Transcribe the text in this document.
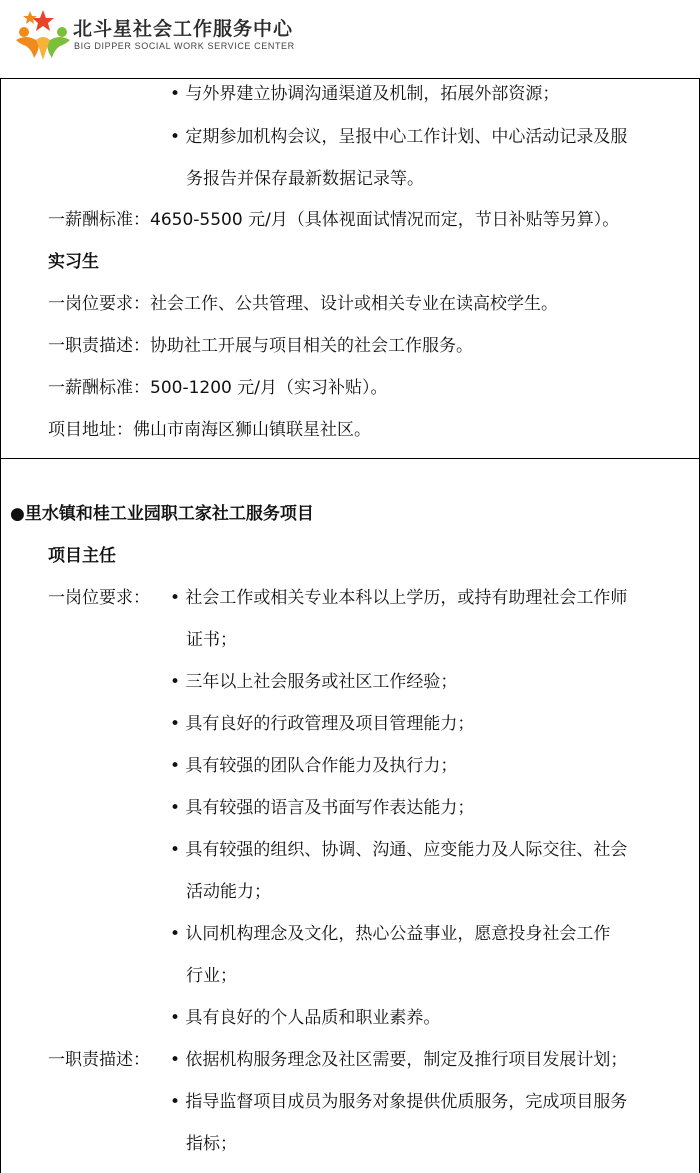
北斗星社会工作服务中心
BIG DIPPER SOCIAL WORK SERVICE CENTER
• 与外界建立协调沟通渠道及机制，拓展外部资源；
• 定期参加机构会议，呈报中心工作计划、中心活动记录及服
务报告并保存最新数据记录等。
一薪酬标准：4650-5500 元/月（具体视面试情况而定，节日补贴等另算）。
实习生
一岗位要求：社会工作、公共管理、设计或相关专业在读高校学生。
一职责描述：协助社工开展与项目相关的社会工作服务。
一薪酬标准：500-1200 元/月（实习补贴）。
项目地址：佛山市南海区狮山镇联星社区。
●里水镇和桂工业园职工家社工服务项目
项目主任
一岗位要求： • 社会工作或相关专业本科以上学历，或持有助理社会工作师
证书；
• 三年以上社会服务或社区工作经验；
• 具有良好的行政管理及项目管理能力；
• 具有较强的团队合作能力及执行力；
• 具有较强的语言及书面写作表达能力；
• 具有较强的组织、协调、沟通、应变能力及人际交往、社会
活动能力；
• 认同机构理念及文化，热心公益事业，愿意投身社会工作
行业；
• 具有良好的个人品质和职业素养。
一职责描述： • 依据机构服务理念及社区需要，制定及推行项目发展计划；
• 指导监督项目成员为服务对象提供优质服务，完成项目服务
指标；
